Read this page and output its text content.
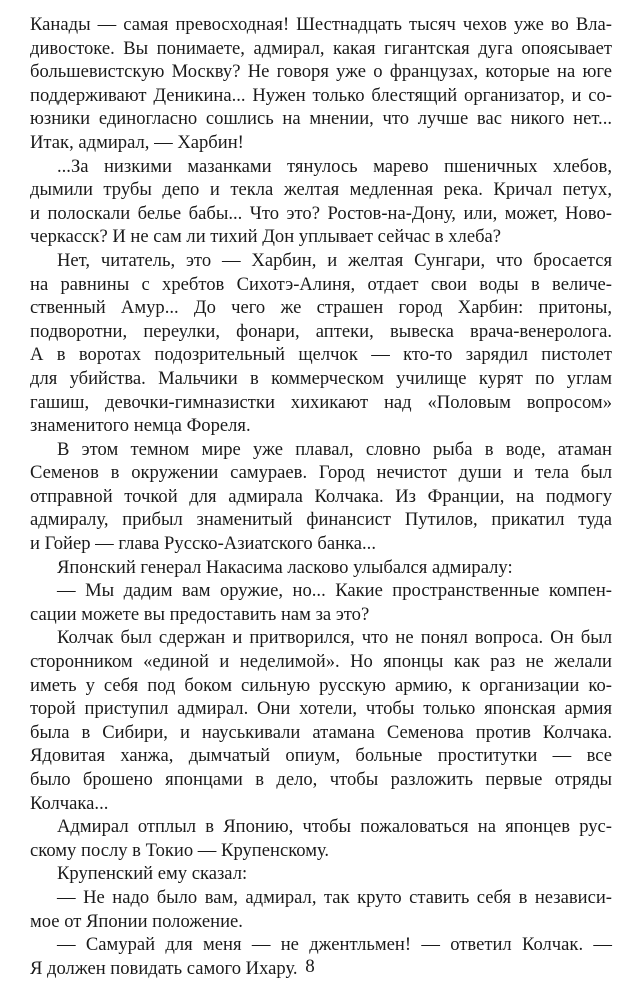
Канады — самая превосходная! Шестнадцать тысяч чехов уже во Вла-
дивостоке. Вы понимаете, адмирал, какая гигантская дуга опоясывает
большевистскую Москву? Не говоря уже о французах, которые на юге
поддерживают Деникина... Нужен только блестящий организатор, и со-
юзники единогласно сошлись на мнении, что лучше вас никого нет...
Итак, адмирал, — Харбин!
...За низкими мазанками тянулось марево пшеничных хлебов,
дымили трубы депо и текла желтая медленная река. Кричал петух,
и полоскали белье бабы... Что это? Ростов-на-Дону, или, может, Ново-
черкасск? И не сам ли тихий Дон уплывает сейчас в хлеба?
Нет, читатель, это — Харбин, и желтая Сунгари, что бросается
на равнины с хребтов Сихотэ-Алиня, отдает свои воды в величе-
ственный Амур... До чего же страшен город Харбин: притоны,
подворотни, переулки, фонари, аптеки, вывеска врача-венеролога.
А в воротах подозрительный щелчок — кто-то зарядил пистолет
для убийства. Мальчики в коммерческом училище курят по углам
гашиш, девочки-гимназистки хихикают над «Половым вопросом»
знаменитого немца Фореля.
В этом темном мире уже плавал, словно рыба в воде, атаман
Семенов в окружении самураев. Город нечистот души и тела был
отправной точкой для адмирала Колчака. Из Франции, на подмогу
адмиралу, прибыл знаменитый финансист Путилов, прикатил туда
и Гойер — глава Русско-Азиатского банка...
Японский генерал Накасима ласково улыбался адмиралу:
— Мы дадим вам оружие, но... Какие пространственные компен-
сации можете вы предоставить нам за это?
Колчак был сдержан и притворился, что не понял вопроса. Он был
сторонником «единой и неделимой». Но японцы как раз не желали
иметь у себя под боком сильную русскую армию, к организации ко-
торой приступил адмирал. Они хотели, чтобы только японская армия
была в Сибири, и науськивали атамана Семенова против Колчака.
Ядовитая ханжа, дымчатый опиум, больные проститутки — все
было брошено японцами в дело, чтобы разложить первые отряды
Колчака...
Адмирал отплыл в Японию, чтобы пожаловаться на японцев рус-
скому послу в Токио — Крупенскому.
Крупенский ему сказал:
— Не надо было вам, адмирал, так круто ставить себя в независи-
мое от Японии положение.
— Самурай для меня — не джентльмен! — ответил Колчак. —
Я должен повидать самого Ихару. 8
